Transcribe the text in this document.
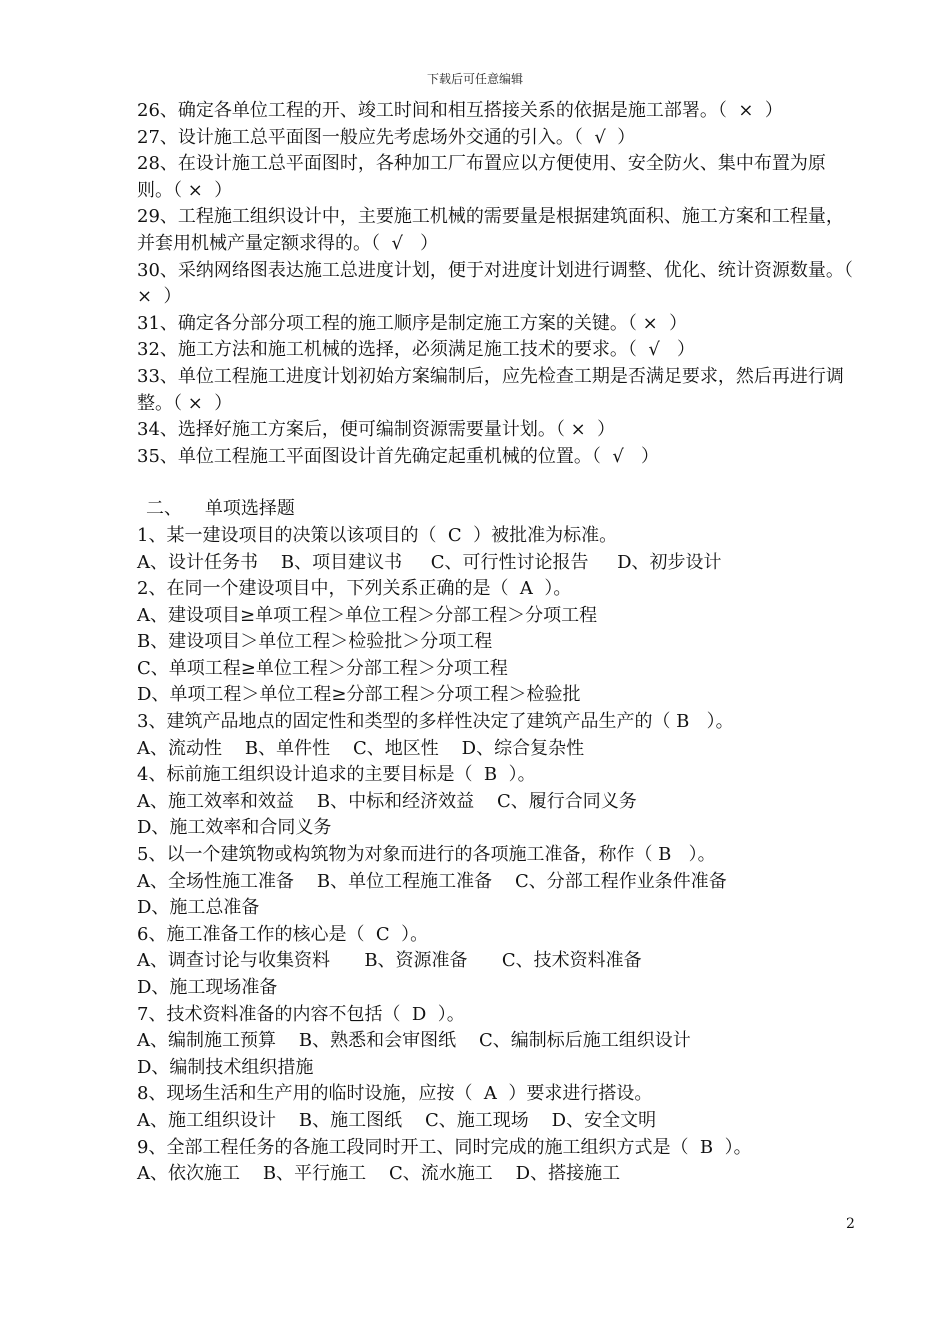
下载后可任意编辑

26、确定各单位工程的开、竣工时间和相互搭接关系的依据是施工部署。（  ×  ）

27、设计施工总平面图一般应先考虑场外交通的引入。（  √  ）

28、在设计施工总平面图时，各种加工厂布置应以方便使用、安全防火、集中布置为原则。（ ×  ）

29、工程施工组织设计中，主要施工机械的需要量是根据建筑面积、施工方案和工程量，并套用机械产量定额求得的。（  √   ）

30、采纳网络图表达施工总进度计划，便于对进度计划进行调整、优化、统计资源数量。（ ×  ）

31、确定各分部分项工程的施工顺序是制定施工方案的关键。（ ×  ）

32、施工方法和施工机械的选择，必须满足施工技术的要求。（  √   ）

33、单位工程施工进度计划初始方案编制后，应先检查工期是否满足要求，然后再进行调整。（ ×  ）

34、选择好施工方案后，便可编制资源需要量计划。（ ×  ）

35、单位工程施工平面图设计首先确定起重机械的位置。（  √   ）

二、    单项选择题

1、某一建设项目的决策以该项目的（  C  ）被批准为标准。

A、设计任务书    B、项目建议书     C、可行性讨论报告     D、初步设计

2、在同一个建设项目中，下列关系正确的是（  A  ）。

A、建设项目≥单项工程＞单位工程＞分部工程＞分项工程

B、建设项目＞单位工程＞检验批＞分项工程

C、单项工程≥单位工程＞分部工程＞分项工程

D、单项工程＞单位工程≥分部工程＞分项工程＞检验批

3、建筑产品地点的固定性和类型的多样性决定了建筑产品生产的（ B   ）。

A、流动性    B、单件性    C、地区性    D、综合复杂性

4、标前施工组织设计追求的主要目标是（  B  ）。

A、施工效率和效益    B、中标和经济效益    C、履行合同义务

D、施工效率和合同义务

5、以一个建筑物或构筑物为对象而进行的各项施工准备，称作（ B   ）。

A、全场性施工准备    B、单位工程施工准备    C、分部工程作业条件准备

D、施工总准备

6、施工准备工作的核心是（  C  ）。

A、调查讨论与收集资料      B、资源准备      C、技术资料准备

D、施工现场准备

7、技术资料准备的内容不包括（  D  ）。

A、编制施工预算    B、熟悉和会审图纸    C、编制标后施工组织设计

D、编制技术组织措施

8、现场生活和生产用的临时设施，应按（  A  ）要求进行搭设。

A、施工组织设计    B、施工图纸    C、施工现场    D、安全文明

9、全部工程任务的各施工段同时开工、同时完成的施工组织方式是（  B  ）。

A、依次施工    B、平行施工    C、流水施工    D、搭接施工

2
